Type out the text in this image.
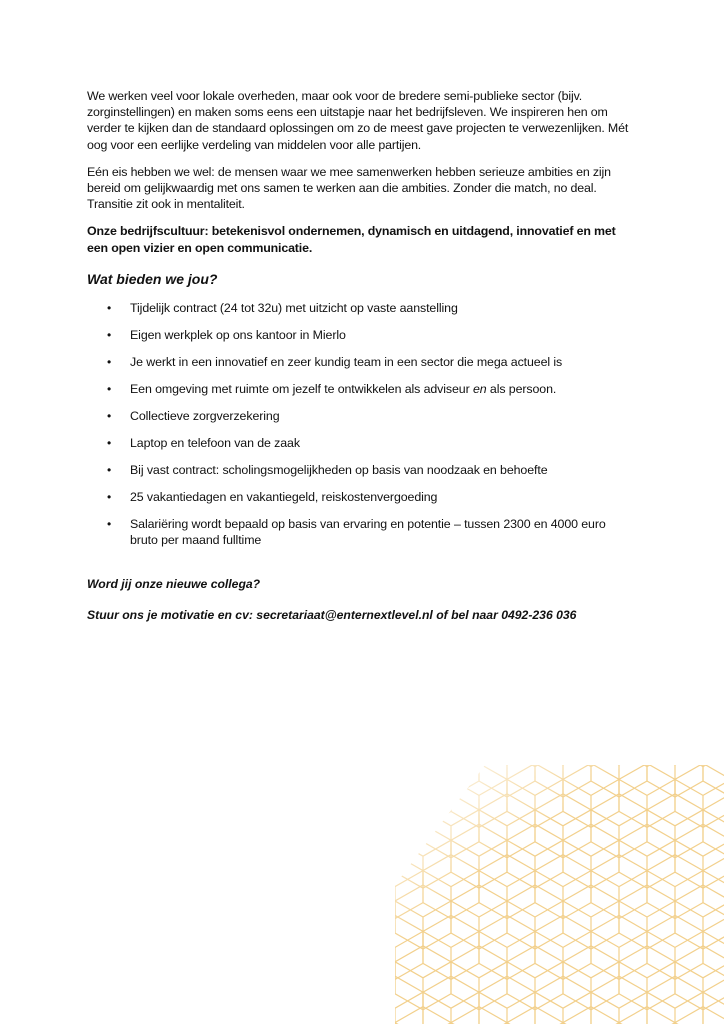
We werken veel voor lokale overheden, maar ook voor de bredere semi-publieke sector (bijv. zorginstellingen) en maken soms eens een uitstapje naar het bedrijfsleven. We inspireren hen om verder te kijken dan de standaard oplossingen om zo de meest gave projecten te verwezenlijken. Mét oog voor een eerlijke verdeling van middelen voor alle partijen.

Eén eis hebben we wel: de mensen waar we mee samenwerken hebben serieuze ambities en zijn bereid om gelijkwaardig met ons samen te werken aan die ambities. Zonder die match, no deal. Transitie zit ook in mentaliteit.

Onze bedrijfscultuur: betekenisvol ondernemen, dynamisch en uitdagend, innovatief en met een open vizier en open communicatie.

Wat bieden we jou?
• Tijdelijk contract (24 tot 32u) met uitzicht op vaste aanstelling
• Eigen werkplek op ons kantoor in Mierlo
• Je werkt in een innovatief en zeer kundig team in een sector die mega actueel is
• Een omgeving met ruimte om jezelf te ontwikkelen als adviseur en als persoon.
• Collectieve zorgverzekering
• Laptop en telefoon van de zaak
• Bij vast contract: scholingsmogelijkheden op basis van noodzaak en behoefte
• 25 vakantiedagen en vakantiegeld, reiskostenvergoeding
• Salariëring wordt bepaald op basis van ervaring en potentie – tussen 2300 en 4000 euro bruto per maand fulltime

Word jij onze nieuwe collega?

Stuur ons je motivatie en cv: secretariaat@enternextlevel.nl of bel naar 0492-236 036
